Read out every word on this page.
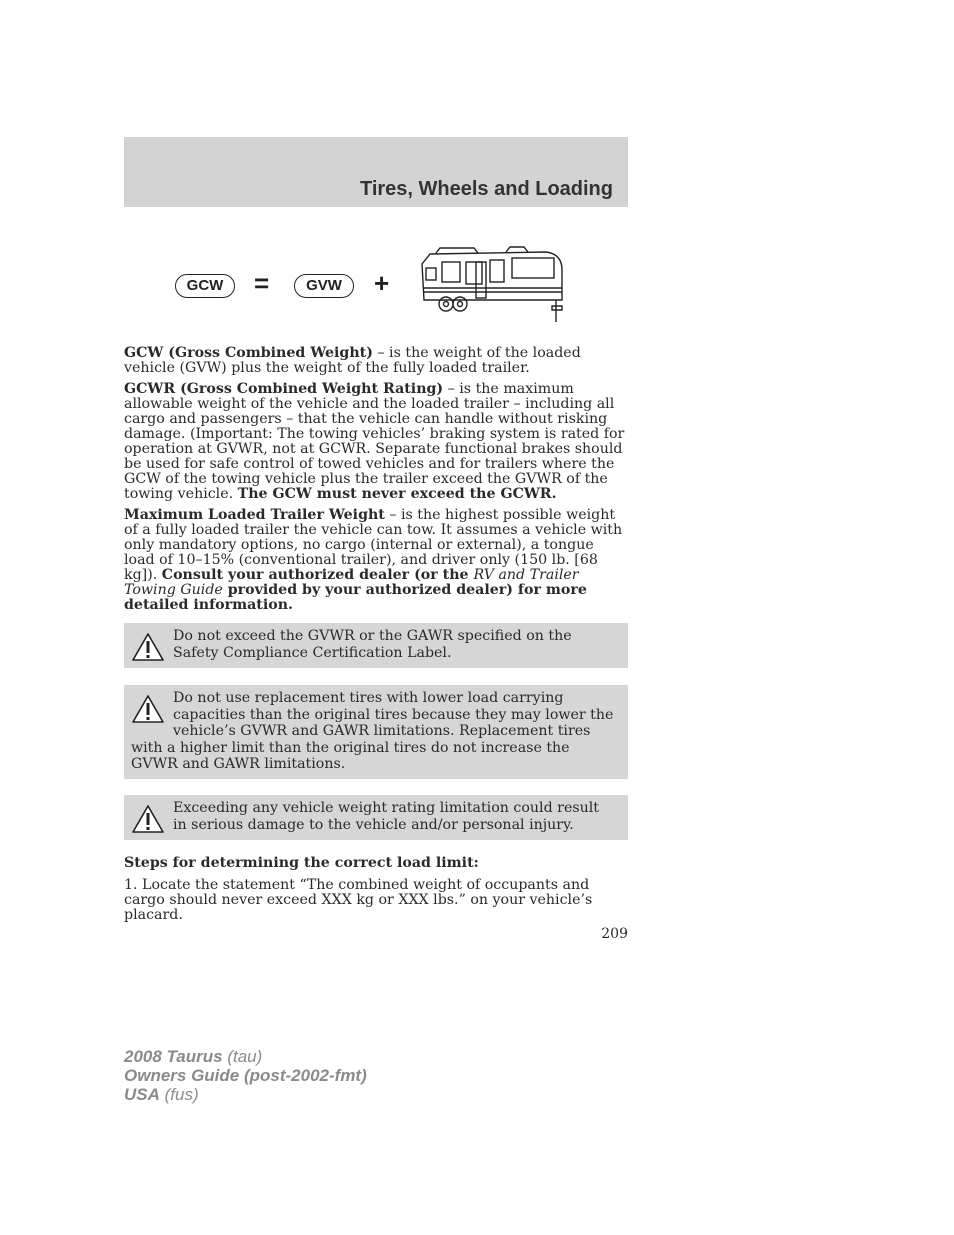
Tires, Wheels and Loading
GCW	=	GVW	+
GCW (Gross Combined Weight) – is the weight of the loaded vehicle (GVW) plus the weight of the fully loaded trailer.
GCWR (Gross Combined Weight Rating) – is the maximum allowable weight of the vehicle and the loaded trailer – including all cargo and passengers – that the vehicle can handle without risking damage. (Important: The towing vehicles’ braking system is rated for operation at GVWR, not at GCWR. Separate functional brakes should be used for safe control of towed vehicles and for trailers where the GCW of the towing vehicle plus the trailer exceed the GVWR of the towing vehicle. The GCW must never exceed the GCWR.
Maximum Loaded Trailer Weight – is the highest possible weight of a fully loaded trailer the vehicle can tow. It assumes a vehicle with only mandatory options, no cargo (internal or external), a tongue load of 10–15% (conventional trailer), and driver only (150 lb. [68 kg]). Consult your authorized dealer (or the RV and Trailer Towing Guide provided by your authorized dealer) for more detailed information.
Do not exceed the GVWR or the GAWR specified on the Safety Compliance Certification Label.
Do not use replacement tires with lower load carrying capacities than the original tires because they may lower the vehicle’s GVWR and GAWR limitations. Replacement tires with a higher limit than the original tires do not increase the GVWR and GAWR limitations.
Exceeding any vehicle weight rating limitation could result in serious damage to the vehicle and/or personal injury.
Steps for determining the correct load limit:
1. Locate the statement “The combined weight of occupants and cargo should never exceed XXX kg or XXX lbs.” on your vehicle’s placard.
209
2008 Taurus (tau)
Owners Guide (post-2002-fmt)
USA (fus)
